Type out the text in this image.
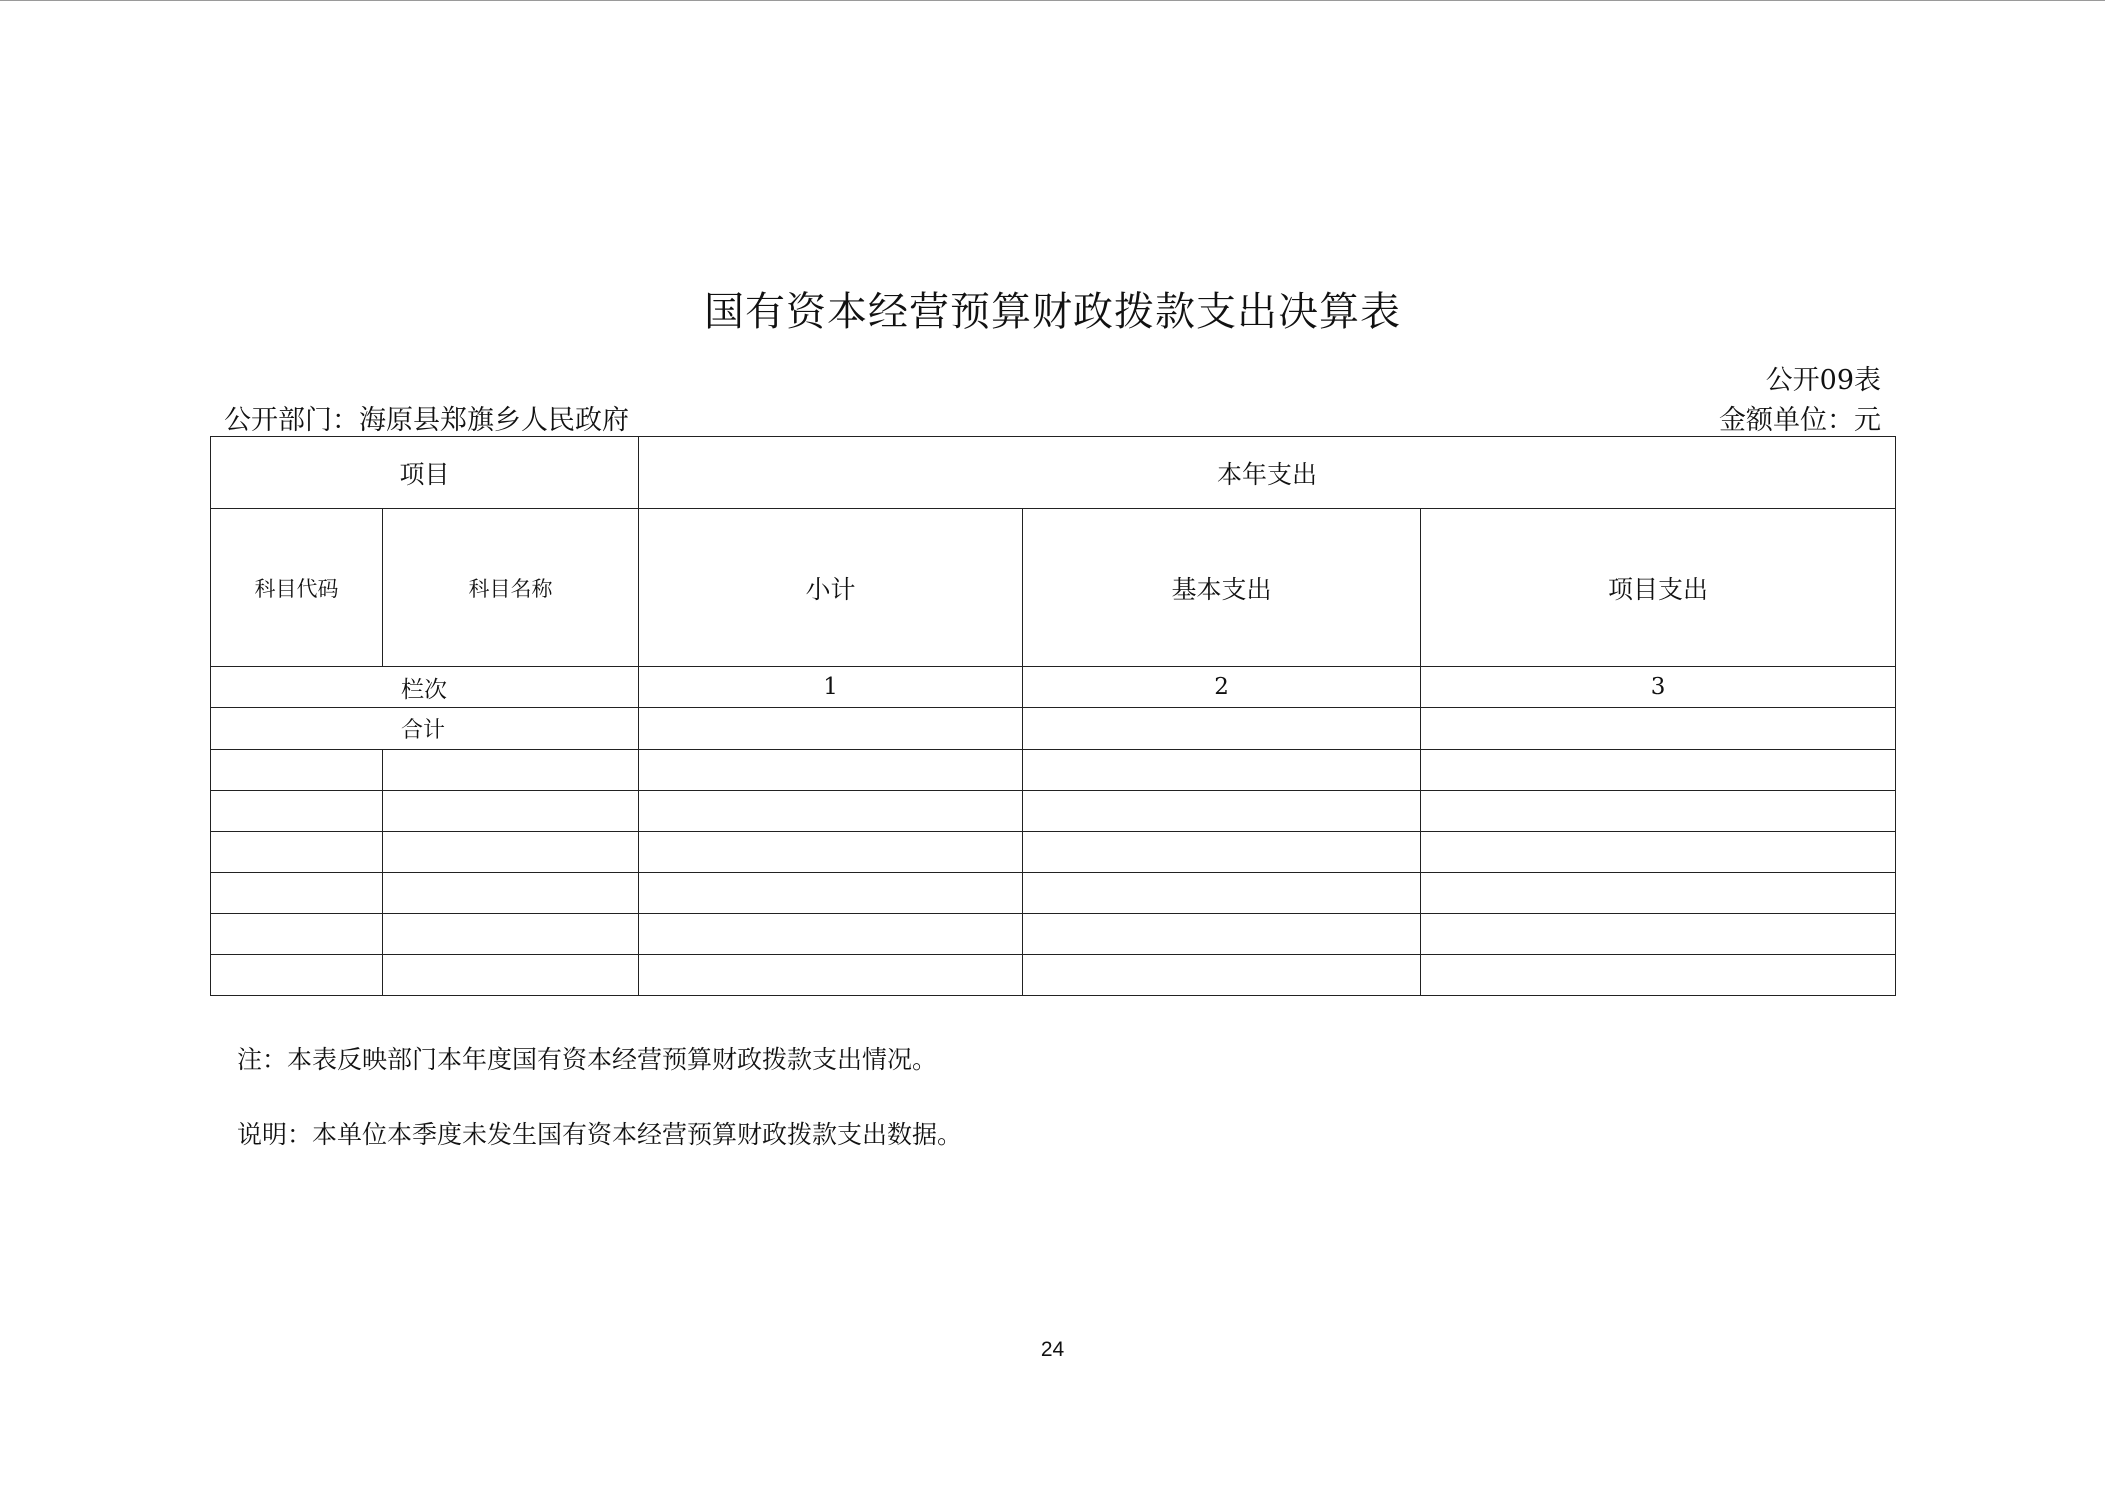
国有资本经营预算财政拨款支出决算表
公开09表
公开部门：海原县郑旗乡人民政府	金额单位：元
项目		本年支出		
科目代码	科目名称	小计	基本支出	项目支出
栏次		1	2	3
合计				

注：本表反映部门本年度国有资本经营预算财政拨款支出情况。
说明：本单位本季度未发生国有资本经营预算财政拨款支出数据。
24
